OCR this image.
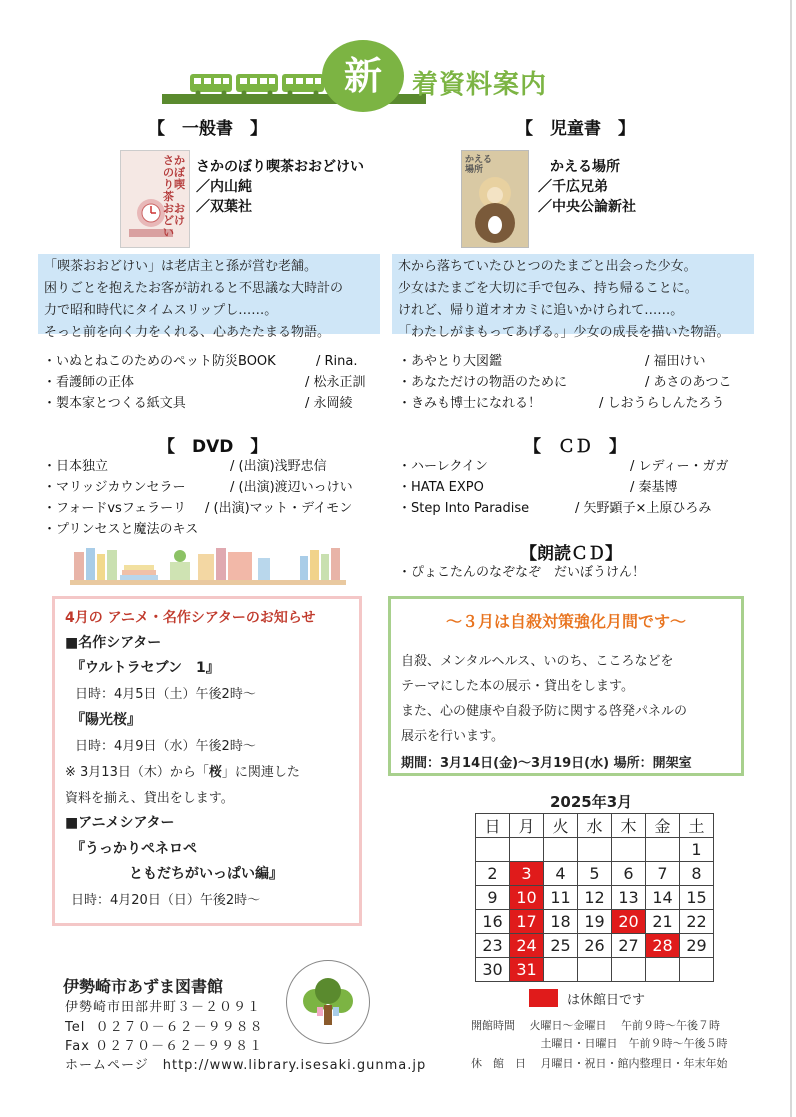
新	着資料案内
【　一般書　】
さかのぼり喫茶 おおどけい
さかのぼり喫茶おおどけい
／内山純
／双葉社
「喫茶おおどけい」は老店主と孫が営む老舗。
困りごとを抱えたお客が訪れると不思議な大時計の
力で昭和時代にタイムスリップし……。
そっと前を向く力をくれる、心あたたまる物語。
・いぬとねこのためのペット防災BOOK	/ Rina.
・看護師の正体	/ 松永正訓
・製本家とつくる紙文具	/ 永岡綾
【　児童書　】
かえる場所	かえる場所
／千広兄弟
／中央公論新社
木から落ちていたひとつのたまごと出会った少女。
少女はたまごを大切に手で包み、持ち帰ることに。
けれど、帰り道オオカミに追いかけられて……。
「わたしがまもってあげる。」少女の成長を描いた物語。
・あやとり大図鑑	/ 福田けい
・あなただけの物語のために	/ あさのあつこ
・きみも博士になれる！	/ しおうらしんたろう
【　DVD　】
・日本独立	/ (出演)浅野忠信
・マリッジカウンセラー	/ (出演)渡辺いっけい
・フォードvsフェラーリ / (出演)マット・デイモン
・プリンセスと魔法のキス
【　ＣＤ　】
・ハーレクイン	/ レディー・ガガ
・HATA EXPO	/ 秦基博
・Step Into Paradise	/ 矢野顕子×上原ひろみ
【朗読ＣＤ】
・ぴょこたんのなぞなぞ　だいぼうけん！
4月の アニメ・名作シアターのお知らせ
■名作シアター
『ウルトラセブン　1』
日時：4月5日（土）午後2時～
『陽光桜』
日時：4月9日（水）午後2時～
※ 3月13日（木）から「桜」に関連した
資料を揃え、貸出をします。
■アニメシアター
『うっかりペネロペ
ともだちがいっぱい編』
日時：4月20日（日）午後2時～
～３月は自殺対策強化月間です～
自殺、メンタルヘルス、いのち、こころなどを
テーマにした本の展示・貸出をします。
また、心の健康や自殺予防に関する啓発パネルの
展示を行います。
期間：3月14日(金)～3月19日(水) 場所：開架室
2025年3月
日	月	火	水	木	金	土
						1
2	3	4	5	6	7	8
9	10	11	12	13	14	15
16	17	18	19	20	21	22
23	24	25	26	27	28	29
30	31					
は休館日です
開館時間　 火曜日～金曜日　 午前９時～午後７時
　　　　　　 土曜日・日曜日　午前９時～午後５時
休　館　日　 月曜日・祝日・館内整理日・年末年始
伊勢崎市あずま図書館
伊勢崎市田部井町３－２０９１
Tel  ０２７０－６２－９９８８
Fax ０２７０－６２－９９８１
ホームページ　http://www.library.isesaki.gunma.jp
